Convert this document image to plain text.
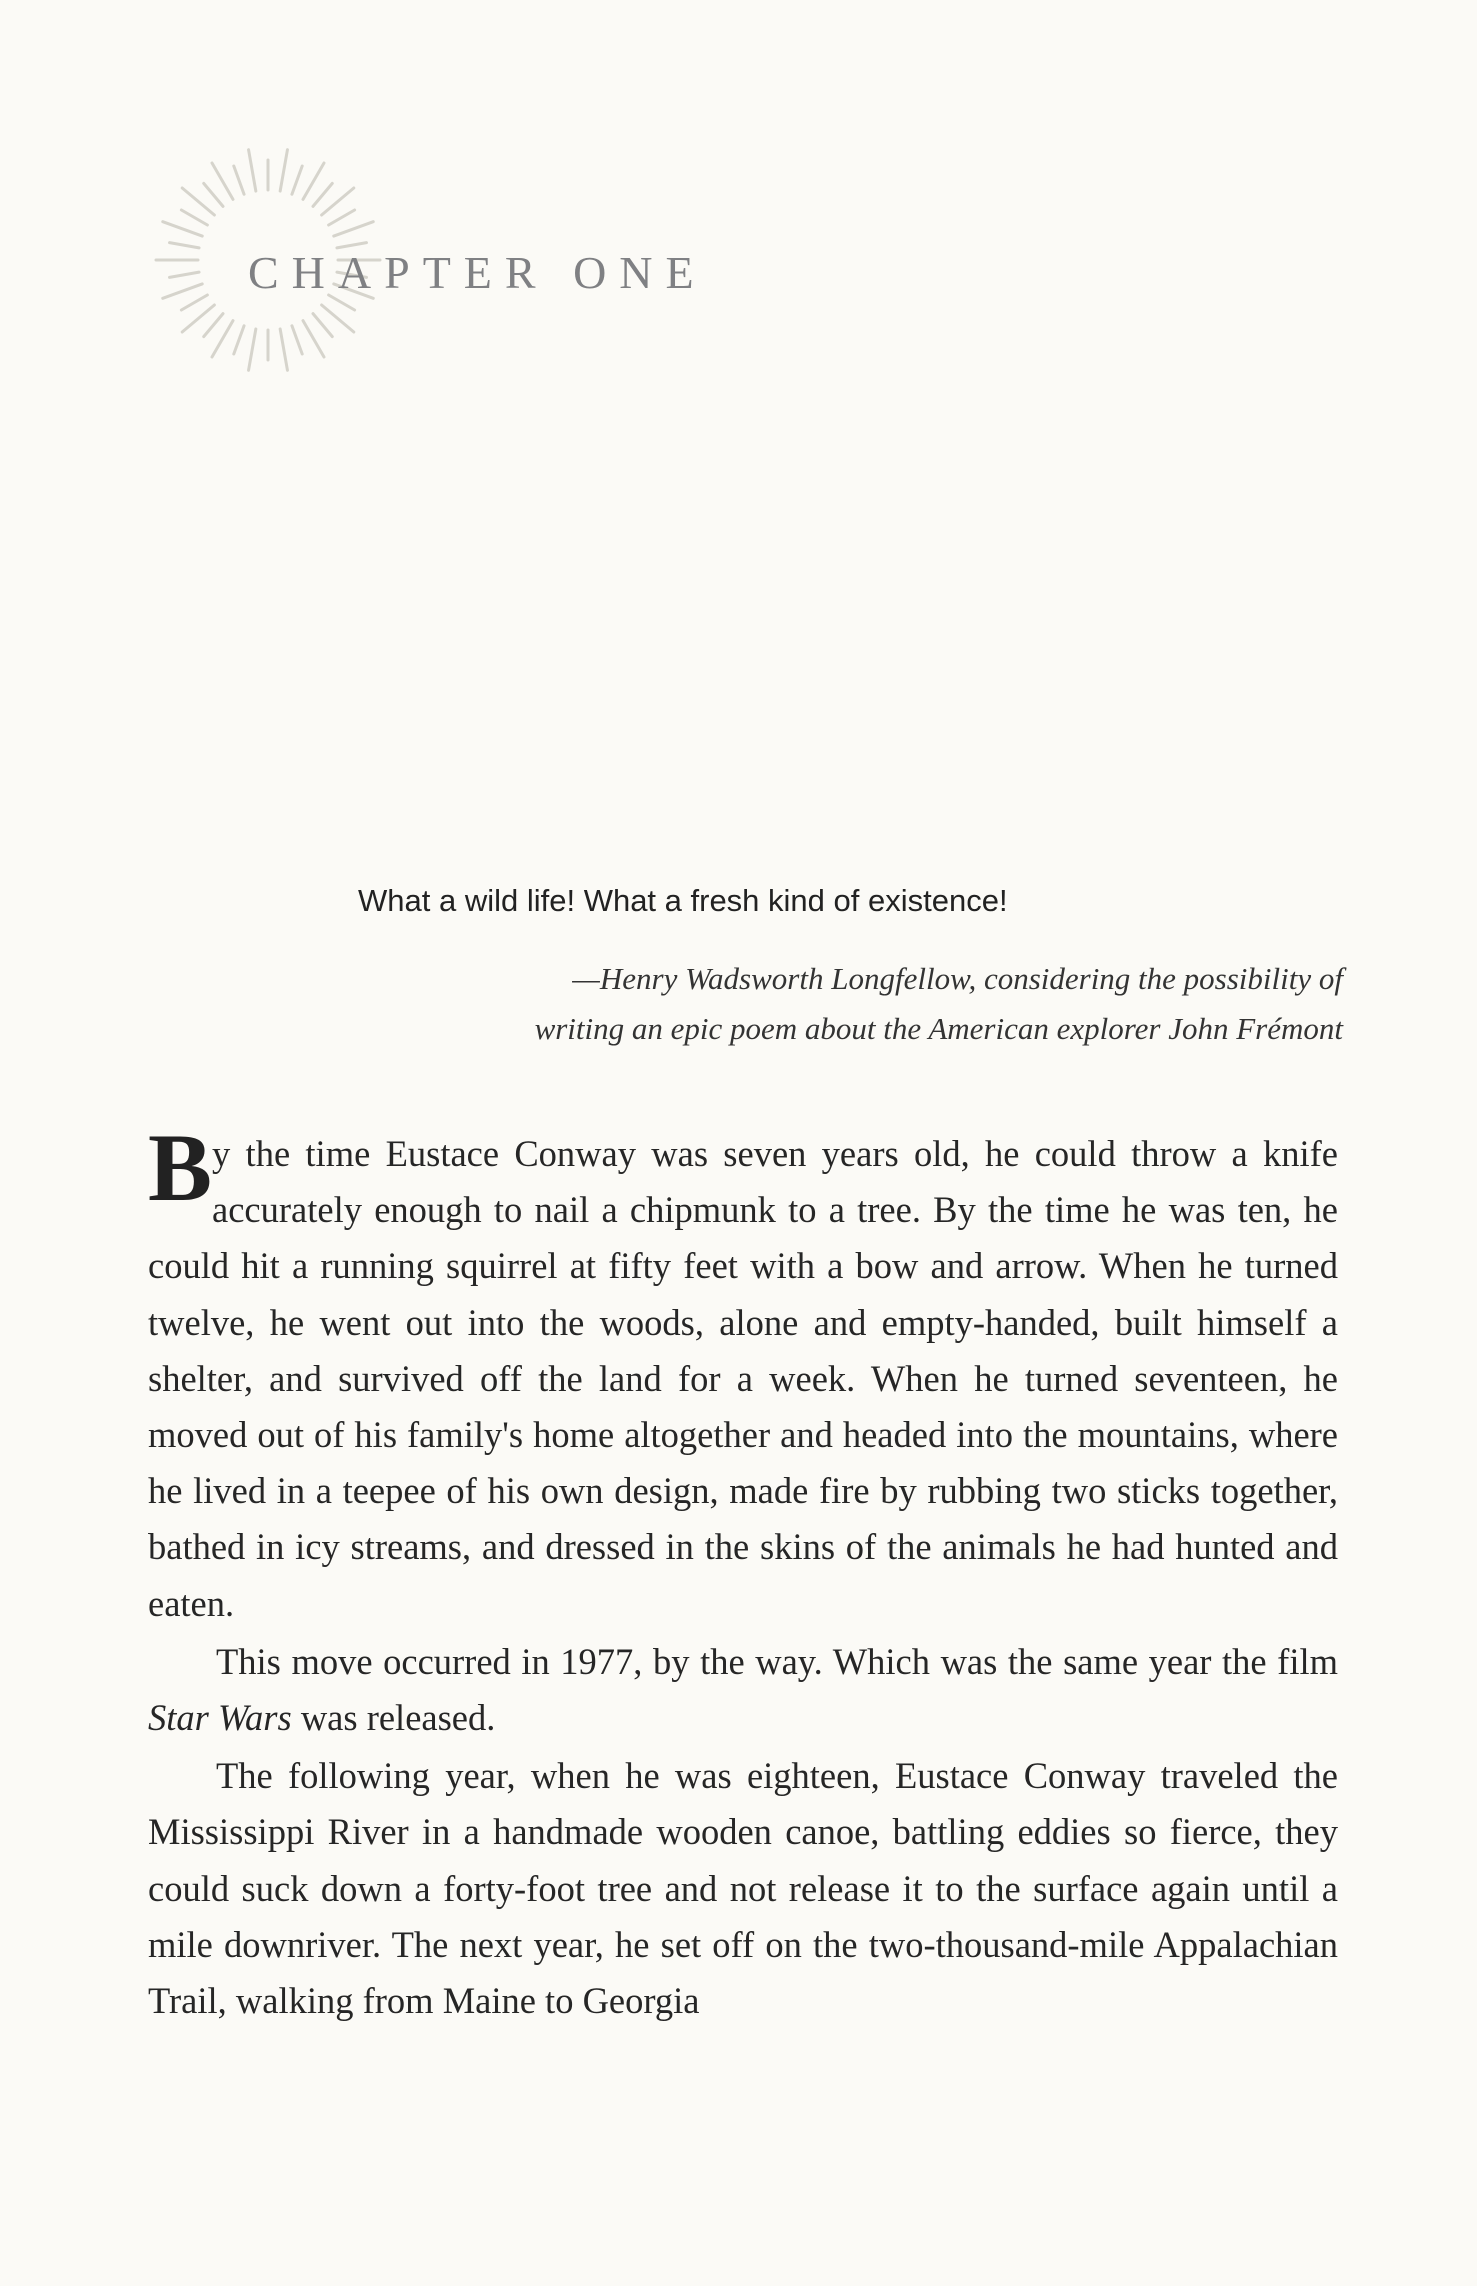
CHAPTER ONE

What a wild life! What a fresh kind of existence!

—Henry Wadsworth Longfellow, considering the possibility of
writing an epic poem about the American explorer John Frémont

By the time Eustace Conway was seven years old, he could throw a knife accurately enough to nail a chipmunk to a tree. By the time he was ten, he could hit a running squirrel at fifty feet with a bow and arrow. When he turned twelve, he went out into the woods, alone and empty-handed, built himself a shelter, and survived off the land for a week. When he turned seventeen, he moved out of his family's home altogether and headed into the mountains, where he lived in a teepee of his own design, made fire by rubbing two sticks together, bathed in icy streams, and dressed in the skins of the animals he had hunted and eaten.

This move occurred in 1977, by the way. Which was the same year the film Star Wars was released.

The following year, when he was eighteen, Eustace Conway traveled the Mississippi River in a handmade wooden canoe, battling eddies so fierce, they could suck down a forty-foot tree and not release it to the surface again until a mile downriver. The next year, he set off on the two-thousand-mile Appalachian Trail, walking from Maine to Georgia
